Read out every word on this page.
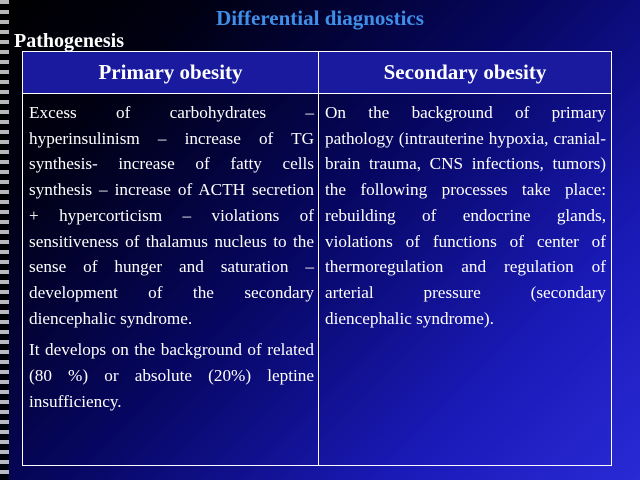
Differential diagnostics
Pathogenesis
Primary obesity	Secondary obesity

Excess of carbohydrates – hyperinsulinism – increase of TG synthesis- increase of fatty cells synthesis – increase of ACTH secretion + hypercorticism – violations of sensitiveness of thalamus nucleus to the sense of hunger and saturation – development of the secondary diencephalic syndrome.

It develops on the background of related (80 %) or absolute (20%) leptine insufficiency.

On the background of primary pathology (intrauterine hypoxia, cranial-brain trauma, CNS infections, tumors) the following processes take place: rebuilding of endocrine glands, violations of functions of center of thermoregulation and regulation of arterial pressure (secondary diencephalic syndrome).
